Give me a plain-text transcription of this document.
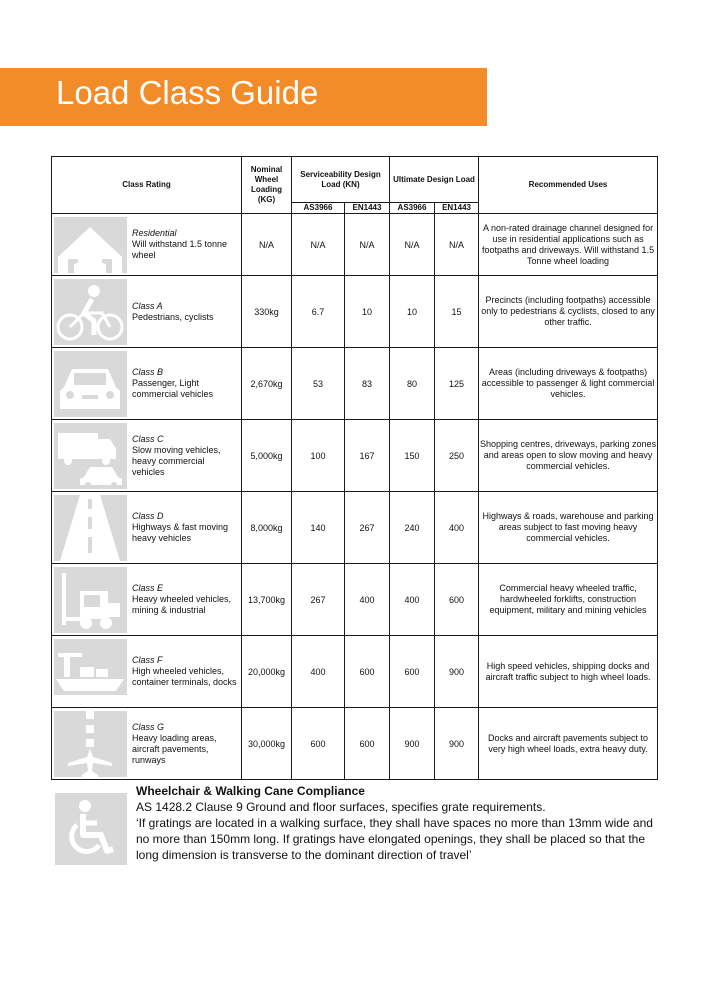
Load Class Guide
Class Rating	Nominal Wheel Loading (KG)	Serviceability Design Load (KN)		Ultimate Design Load		Recommended Uses
		AS3966	EN1443	AS3966	EN1443	

Residential
Will withstand 1.5 tonne wheel	N/A	N/A	N/A	N/A	N/A	A non-rated drainage channel designed for use in residential applications such as footpaths and driveways. Will withstand 1.5 Tonne wheel loading

Class A
Pedestrians, cyclists	330kg	6.7	10	10	15	Precincts (including footpaths) accessible only to pedestrians & cyclists, closed to any other traffic.

Class B
Passenger, Light commercial vehicles	2,670kg	53	83	80	125	Areas (including driveways & footpaths) accessible to passenger & light commercial vehicles.

Class C
Slow moving vehicles, heavy commercial vehicles	5,000kg	100	167	150	250	Shopping centres, driveways, parking zones and areas open to slow moving and heavy commercial vehicles.

Class D
Highways & fast moving heavy vehicles	8,000kg	140	267	240	400	Highways & roads, warehouse and parking areas subject to fast moving heavy commercial vehicles.

Class E
Heavy wheeled vehicles, mining & industrial	13,700kg	267	400	400	600	Commercial heavy wheeled traffic, hardwheeled forklifts, construction equipment, military and mining vehicles

Class F
High wheeled vehicles, container terminals, docks	20,000kg	400	600	600	900	High speed vehicles, shipping docks and aircraft traffic subject to high wheel loads.

Class G
Heavy loading areas, aircraft pavements, runways	30,000kg	600	600	900	900	Docks and aircraft pavements subject to very high wheel loads, extra heavy duty.
Wheelchair & Walking Cane Compliance
AS 1428.2 Clause 9 Ground and floor surfaces, specifies grate requirements.
‘If gratings are located in a walking surface, they shall have spaces no more than 13mm wide and no more than 150mm long. If gratings have elongated openings, they shall be placed so that the long dimension is transverse to the dominant direction of travel’
